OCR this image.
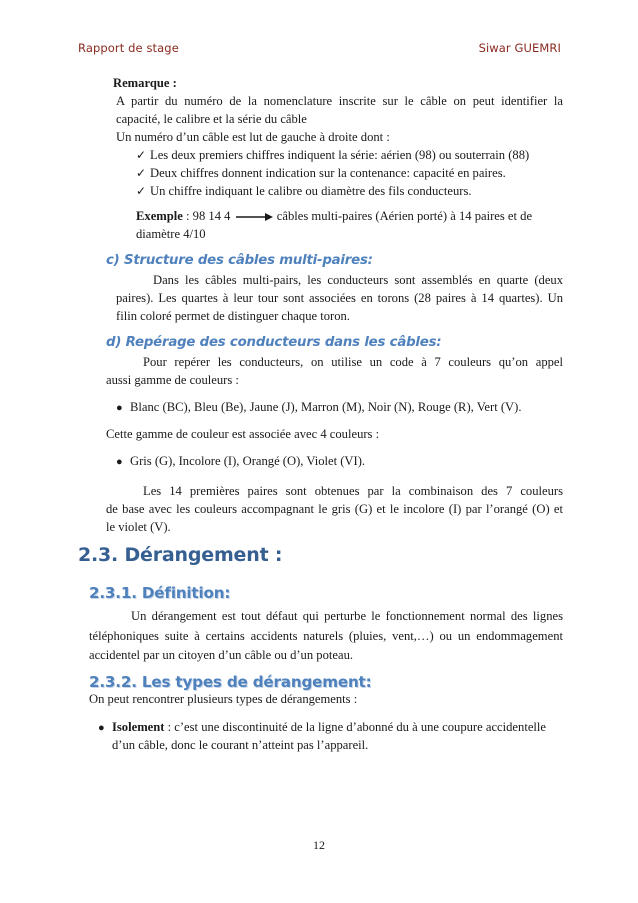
Rapport de stage	Siwar GUEMRI
Remarque :
A partir du numéro de la nomenclature inscrite sur le câble on peut identifier la
capacité, le calibre et la série du câble
Un numéro d’un câble est lut de gauche à droite dont :
✓ Les deux premiers chiffres indiquent la série: aérien (98) ou souterrain (88)
✓ Deux chiffres donnent indication sur la contenance: capacité en paires.
✓ Un chiffre indiquant le calibre ou diamètre des fils conducteurs.
Exemple : 98 14 4	câbles multi-paires (Aérien porté) à 14 paires et de
diamètre 4/10
c) Structure des câbles multi-paires:
Dans les câbles multi-pairs, les conducteurs sont assemblés en quarte (deux
paires). Les quartes à leur tour sont associées en torons (28 paires à 14 quartes). Un
filin coloré permet de distinguer chaque toron.
d) Repérage des conducteurs dans les câbles:
Pour repérer les conducteurs, on utilise un code à 7 couleurs qu’on appel
aussi gamme de couleurs :
● Blanc (BC), Bleu (Be), Jaune (J), Marron (M), Noir (N), Rouge (R), Vert (V).
Cette gamme de couleur est associée avec 4 couleurs :
● Gris (G), Incolore (I), Orangé (O), Violet (VI).
Les 14 premières paires sont obtenues par la combinaison des 7 couleurs
de base avec les couleurs accompagnant le gris (G) et le incolore (I) par l’orangé (O) et
le violet (V).
2.3. Dérangement :
2.3.1. Définition:
Un dérangement est tout défaut qui perturbe le fonctionnement normal des lignes
téléphoniques suite à certains accidents naturels (pluies, vent,…) ou un endommagement
accidentel par un citoyen d’un câble ou d’un poteau.
2.3.2. Les types de dérangement:
On peut rencontrer plusieurs types de dérangements :
● Isolement : c’est une discontinuité de la ligne d’abonné du à une coupure accidentelle
d’un câble, donc le courant n’atteint pas l’appareil.
12
